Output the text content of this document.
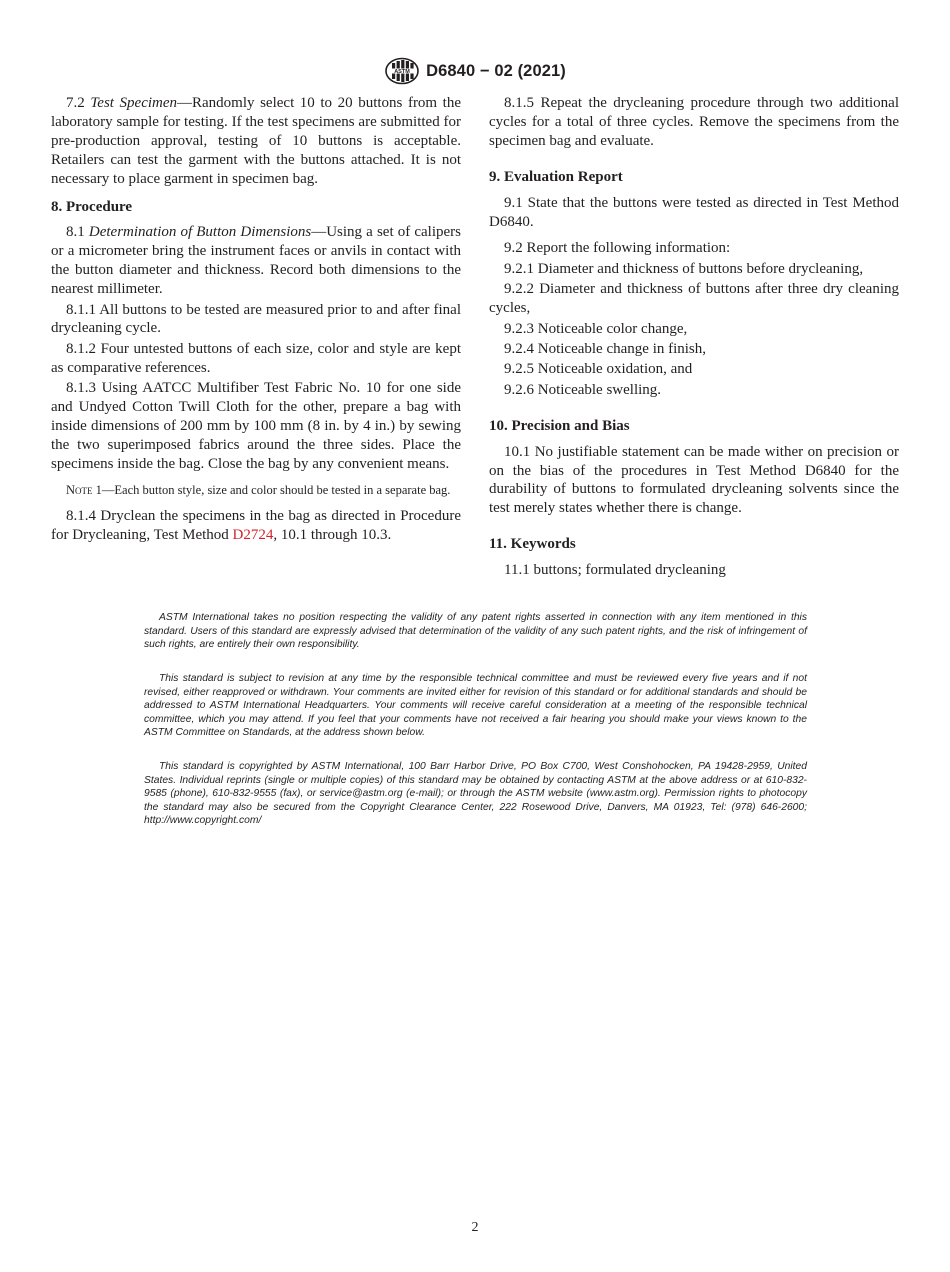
ASTM D6840 − 02 (2021)

7.2 Test Specimen—Randomly select 10 to 20 buttons from the laboratory sample for testing. If the test specimens are submitted for pre-production approval, testing of 10 buttons is acceptable. Retailers can test the garment with the buttons attached. It is not necessary to place garment in specimen bag.

8. Procedure

8.1 Determination of Button Dimensions—Using a set of calipers or a micrometer bring the instrument faces or anvils in contact with the button diameter and thickness. Record both dimensions to the nearest millimeter.

8.1.1 All buttons to be tested are measured prior to and after final drycleaning cycle.

8.1.2 Four untested buttons of each size, color and style are kept as comparative references.

8.1.3 Using AATCC Multifiber Test Fabric No. 10 for one side and Undyed Cotton Twill Cloth for the other, prepare a bag with inside dimensions of 200 mm by 100 mm (8 in. by 4 in.) by sewing the two superimposed fabrics around the three sides. Place the specimens inside the bag. Close the bag by any convenient means.

Note 1—Each button style, size and color should be tested in a separate bag.

8.1.4 Dryclean the specimens in the bag as directed in Procedure for Drycleaning, Test Method D2724, 10.1 through 10.3.

8.1.5 Repeat the drycleaning procedure through two additional cycles for a total of three cycles. Remove the specimens from the specimen bag and evaluate.

9. Evaluation Report

9.1 State that the buttons were tested as directed in Test Method D6840.

9.2 Report the following information:

9.2.1 Diameter and thickness of buttons before drycleaning,

9.2.2 Diameter and thickness of buttons after three dry cleaning cycles,

9.2.3 Noticeable color change,

9.2.4 Noticeable change in finish,

9.2.5 Noticeable oxidation, and

9.2.6 Noticeable swelling.

10. Precision and Bias

10.1 No justifiable statement can be made wither on precision or on the bias of the procedures in Test Method D6840 for the durability of buttons to formulated drycleaning solvents since the test merely states whether there is change.

11. Keywords

11.1 buttons; formulated drycleaning

ASTM International takes no position respecting the validity of any patent rights asserted in connection with any item mentioned in this standard. Users of this standard are expressly advised that determination of the validity of any such patent rights, and the risk of infringement of such rights, are entirely their own responsibility.

This standard is subject to revision at any time by the responsible technical committee and must be reviewed every five years and if not revised, either reapproved or withdrawn. Your comments are invited either for revision of this standard or for additional standards and should be addressed to ASTM International Headquarters. Your comments will receive careful consideration at a meeting of the responsible technical committee, which you may attend. If you feel that your comments have not received a fair hearing you should make your views known to the ASTM Committee on Standards, at the address shown below.

This standard is copyrighted by ASTM International, 100 Barr Harbor Drive, PO Box C700, West Conshohocken, PA 19428-2959, United States. Individual reprints (single or multiple copies) of this standard may be obtained by contacting ASTM at the above address or at 610-832-9585 (phone), 610-832-9555 (fax), or service@astm.org (e-mail); or through the ASTM website (www.astm.org). Permission rights to photocopy the standard may also be secured from the Copyright Clearance Center, 222 Rosewood Drive, Danvers, MA 01923, Tel: (978) 646-2600; http://www.copyright.com/

2
